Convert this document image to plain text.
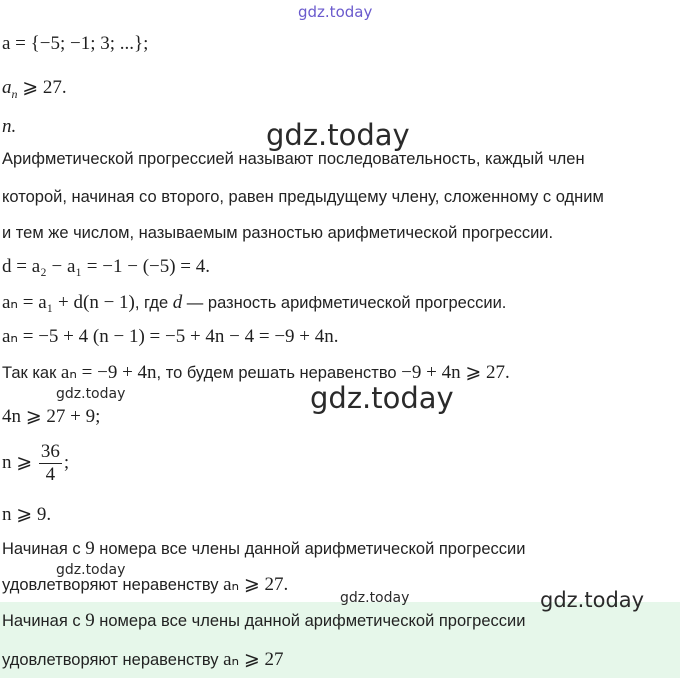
gdz.today
gdz.today
gdz.today
gdz.today
gdz.today
gdz.today	gdz.today
a = {−5; −1; 3; ...};
$a_n$ ⩾ 27.
n.
Арифметической прогрессией называют последовательность, каждый член
которой, начиная со второго, равен предыдущему члену, сложенному с одним
и тем же числом, называемым разностью арифметической прогрессии.
d = a₂ − a₁ = −1 − (−5) = 4.
aₙ = a₁ + d(n − 1), где d — разность арифметической прогрессии.
aₙ = −5 + 4 (n − 1) = −5 + 4n − 4 = −9 + 4n.
Так как aₙ = −9 + 4n, то будем решать неравенство −9 + 4n ⩾ 27.
4n ⩾ 27 + 9;
n ⩾ $\frac{36}{4}$ ;
n ⩾ 9.
Начиная с 9 номера все члены данной арифметической прогрессии
удовлетворяют неравенству aₙ ⩾ 27.
Начиная с 9 номера все члены данной арифметической прогрессии
удовлетворяют неравенству aₙ ⩾ 27
